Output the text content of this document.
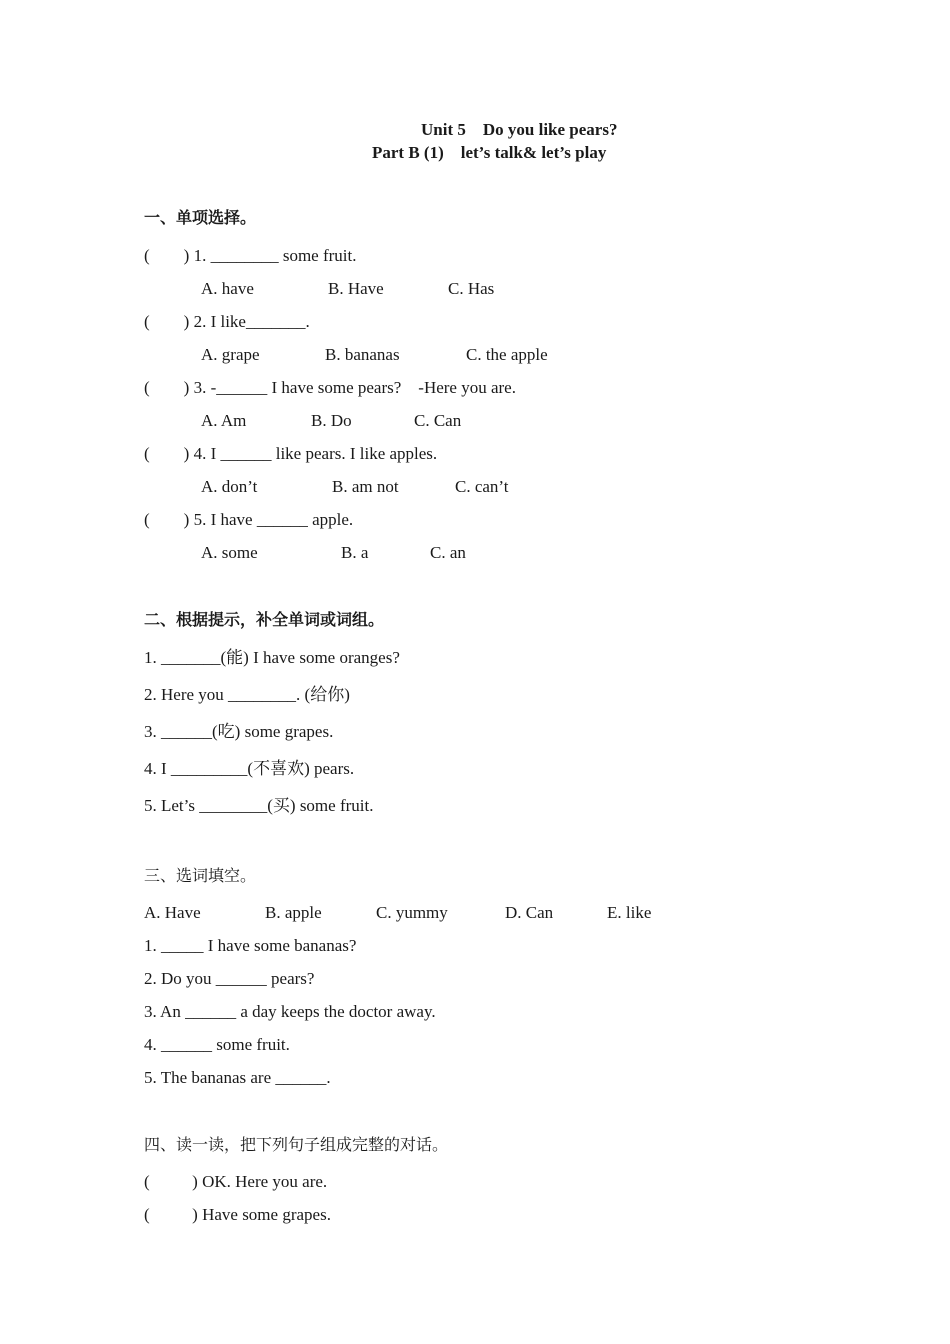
Unit 5    Do you like pears?
Part B (1)    let’s talk& let’s play
一、单项选择。
(        ) 1. ________ some fruit.
A. have	B. Have	C. Has
(        ) 2. I like_______.
A. grape	B. bananas	C. the apple
(        ) 3. -______ I have some pears?    -Here you are.
A. Am	B. Do	C. Can
(        ) 4. I ______ like pears. I like apples.
A. don’t	B. am not	C. can’t
(        ) 5. I have ______ apple.
A. some	B. a	C. an
二、根据提示，补全单词或词组。
1. _______(能) I have some oranges?
2. Here you ________. (给你)
3. ______(吃) some grapes.
4. I _________(不喜欢) pears.
5. Let’s ________(买) some fruit.
三、选词填空。
A. Have	B. apple	C. yummy	D. Can	E. like
1. _____ I have some bananas?
2. Do you ______ pears?
3. An ______ a day keeps the doctor away.
4. ______ some fruit.
5. The bananas are ______.
四、读一读，把下列句子组成完整的对话。
(          ) OK. Here you are.
(          ) Have some grapes.
